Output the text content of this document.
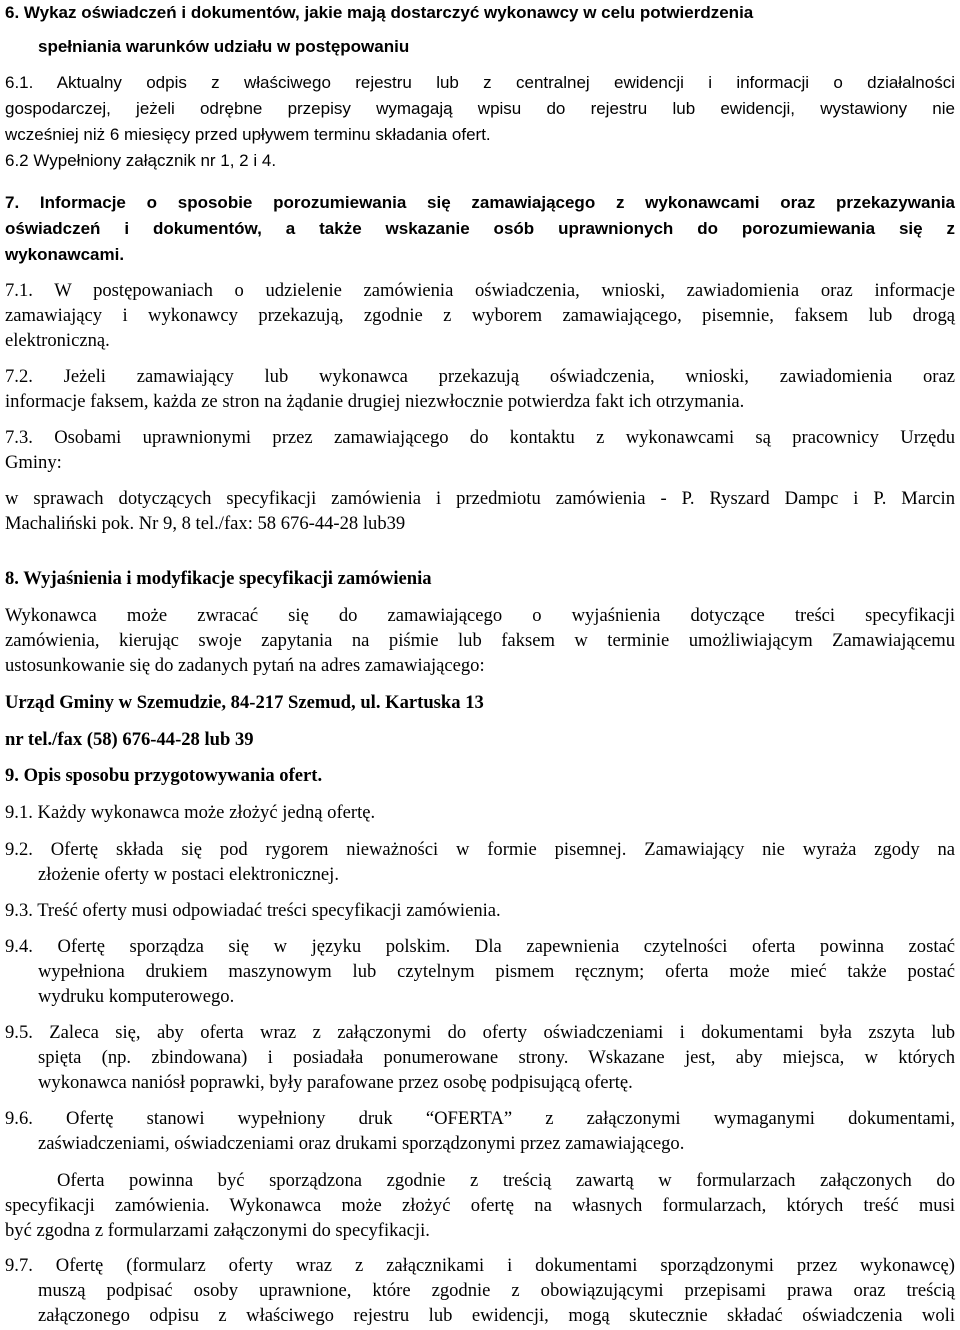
6. Wykaz oświadczeń i dokumentów, jakie mają dostarczyć wykonawcy w celu potwierdzenia
spełniania warunków udziału w postępowaniu
6.1. Aktualny odpis z właściwego rejestru lub z centralnej ewidencji i informacji o działalności
gospodarczej, jeżeli odrębne przepisy wymagają wpisu do rejestru lub ewidencji, wystawiony nie
wcześniej niż 6 miesięcy przed upływem terminu składania ofert.
6.2 Wypełniony załącznik nr 1, 2 i 4.
7. Informacje o sposobie porozumiewania się zamawiającego z wykonawcami oraz przekazywania
oświadczeń i dokumentów, a także wskazanie osób uprawnionych do porozumiewania się z
wykonawcami.
7.1. W postępowaniach o udzielenie zamówienia oświadczenia, wnioski, zawiadomienia oraz informacje
zamawiający i wykonawcy przekazują, zgodnie z wyborem zamawiającego, pisemnie, faksem lub drogą
elektroniczną.
7.2. Jeżeli zamawiający lub wykonawca przekazują oświadczenia, wnioski, zawiadomienia oraz
informacje faksem, każda ze stron na żądanie drugiej niezwłocznie potwierdza fakt ich otrzymania.
7.3. Osobami uprawnionymi przez zamawiającego do kontaktu z wykonawcami są pracownicy Urzędu
Gminy:
w sprawach dotyczących specyfikacji zamówienia i przedmiotu zamówienia - P. Ryszard Dampc i P. Marcin
Machaliński pok. Nr 9, 8 tel./fax: 58 676-44-28 lub39
8. Wyjaśnienia i modyfikacje specyfikacji zamówienia
Wykonawca może zwracać się do zamawiającego o wyjaśnienia dotyczące treści specyfikacji
zamówienia, kierując swoje zapytania na piśmie lub faksem w terminie umożliwiającym Zamawiającemu
ustosunkowanie się do zadanych pytań na adres zamawiającego:
Urząd Gminy w Szemudzie, 84-217 Szemud, ul. Kartuska 13
nr tel./fax (58) 676-44-28 lub 39
9. Opis sposobu przygotowywania ofert.
9.1. Każdy wykonawca może złożyć jedną ofertę.
9.2. Ofertę składa się pod rygorem nieważności w formie pisemnej. Zamawiający nie wyraża zgody na
złożenie oferty w postaci elektronicznej.
9.3. Treść oferty musi odpowiadać treści specyfikacji zamówienia.
9.4. Ofertę sporządza się w języku polskim. Dla zapewnienia czytelności oferta powinna zostać
wypełniona drukiem maszynowym lub czytelnym pismem ręcznym; oferta może mieć także postać
wydruku komputerowego.
9.5. Zaleca się, aby oferta wraz z załączonymi do oferty oświadczeniami i dokumentami była zszyta lub
spięta (np. zbindowana) i posiadała ponumerowane strony. Wskazane jest, aby miejsca, w których
wykonawca naniósł poprawki, były parafowane przez osobę podpisującą ofertę.
9.6. Ofertę stanowi wypełniony druk “OFERTA” z załączonymi wymaganymi dokumentami,
zaświadczeniami, oświadczeniami oraz drukami sporządzonymi przez zamawiającego.
Oferta powinna być sporządzona zgodnie z treścią zawartą w formularzach załączonych do
specyfikacji zamówienia. Wykonawca może złożyć ofertę na własnych formularzach, których treść musi
być zgodna z formularzami załączonymi do specyfikacji.
9.7. Ofertę (formularz oferty wraz z załącznikami i dokumentami sporządzonymi przez wykonawcę)
muszą podpisać osoby uprawnione, które zgodnie z obowiązującymi przepisami prawa oraz treścią
załączonego odpisu z właściwego rejestru lub ewidencji, mogą skutecznie składać oświadczenia woli
